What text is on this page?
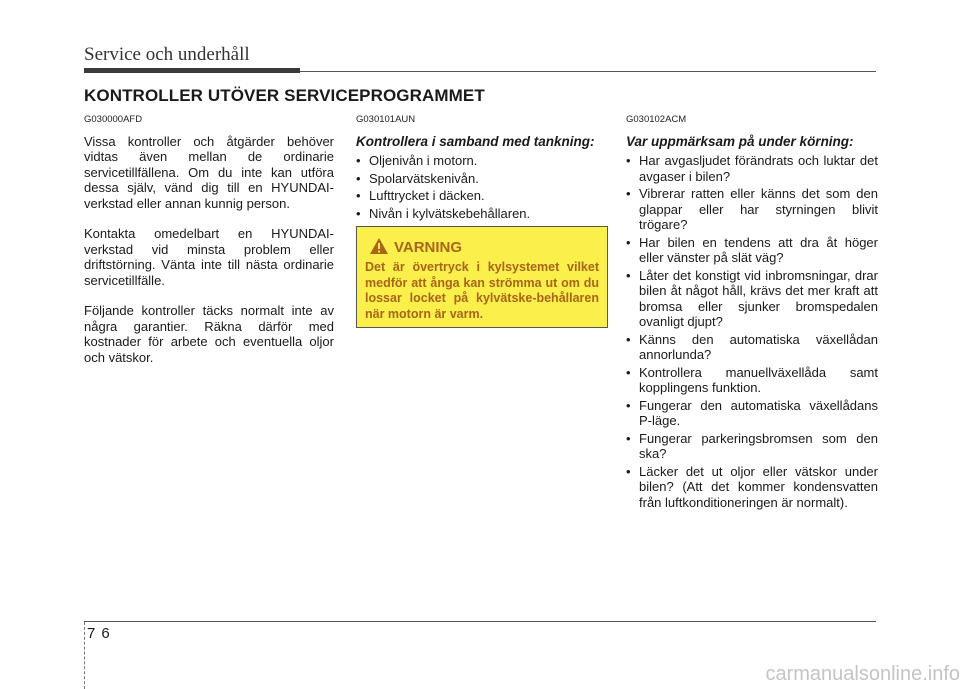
Service och underhåll
KONTROLLER UTÖVER SERVICEPROGRAMMET
G030000AFD

Vissa kontroller och åtgärder behöver vidtas även mellan de ordinarie servicetillfällena. Om du inte kan utföra dessa själv, vänd dig till en HYUNDAI-verkstad eller annan kunnig person.

Kontakta omedelbart en HYUNDAI-verkstad vid minsta problem eller driftstörning. Vänta inte till nästa ordinarie servicetillfälle.

Följande kontroller täcks normalt inte av några garantier. Räkna därför med kostnader för arbete och eventuella oljor och vätskor.

G030101AUN
Kontrollera i samband med tankning:
• Oljenivån i motorn.
• Spolarvätskenivån.
• Lufttrycket i däcken.
• Nivån i kylvätskebehållaren.
VARNING
Det är övertryck i kylsystemet vilket medför att ånga kan strömma ut om du lossar locket på kylvätske-behållaren när motorn är varm.
G030102ACM
Var uppmärksam på under körning:
• Har avgasljudet förändrats och luktar det avgaser i bilen?
• Vibrerar ratten eller känns det som den glappar eller har styrningen blivit trögare?
• Har bilen en tendens att dra åt höger eller vänster på slät väg?
• Låter det konstigt vid inbromsningar, drar bilen åt något håll, krävs det mer kraft att bromsa eller sjunker bromspedalen ovanligt djupt?
• Känns den automatiska växellådan annorlunda?
• Kontrollera manuellväxellåda samt kopplingens funktion.
• Fungerar den automatiska växellådans P-läge.
• Fungerar parkeringsbromsen som den ska?
• Läcker det ut oljor eller vätskor under bilen? (Att det kommer kondensvatten från luftkonditioneringen är normalt).
76
carmanualsonline.info
